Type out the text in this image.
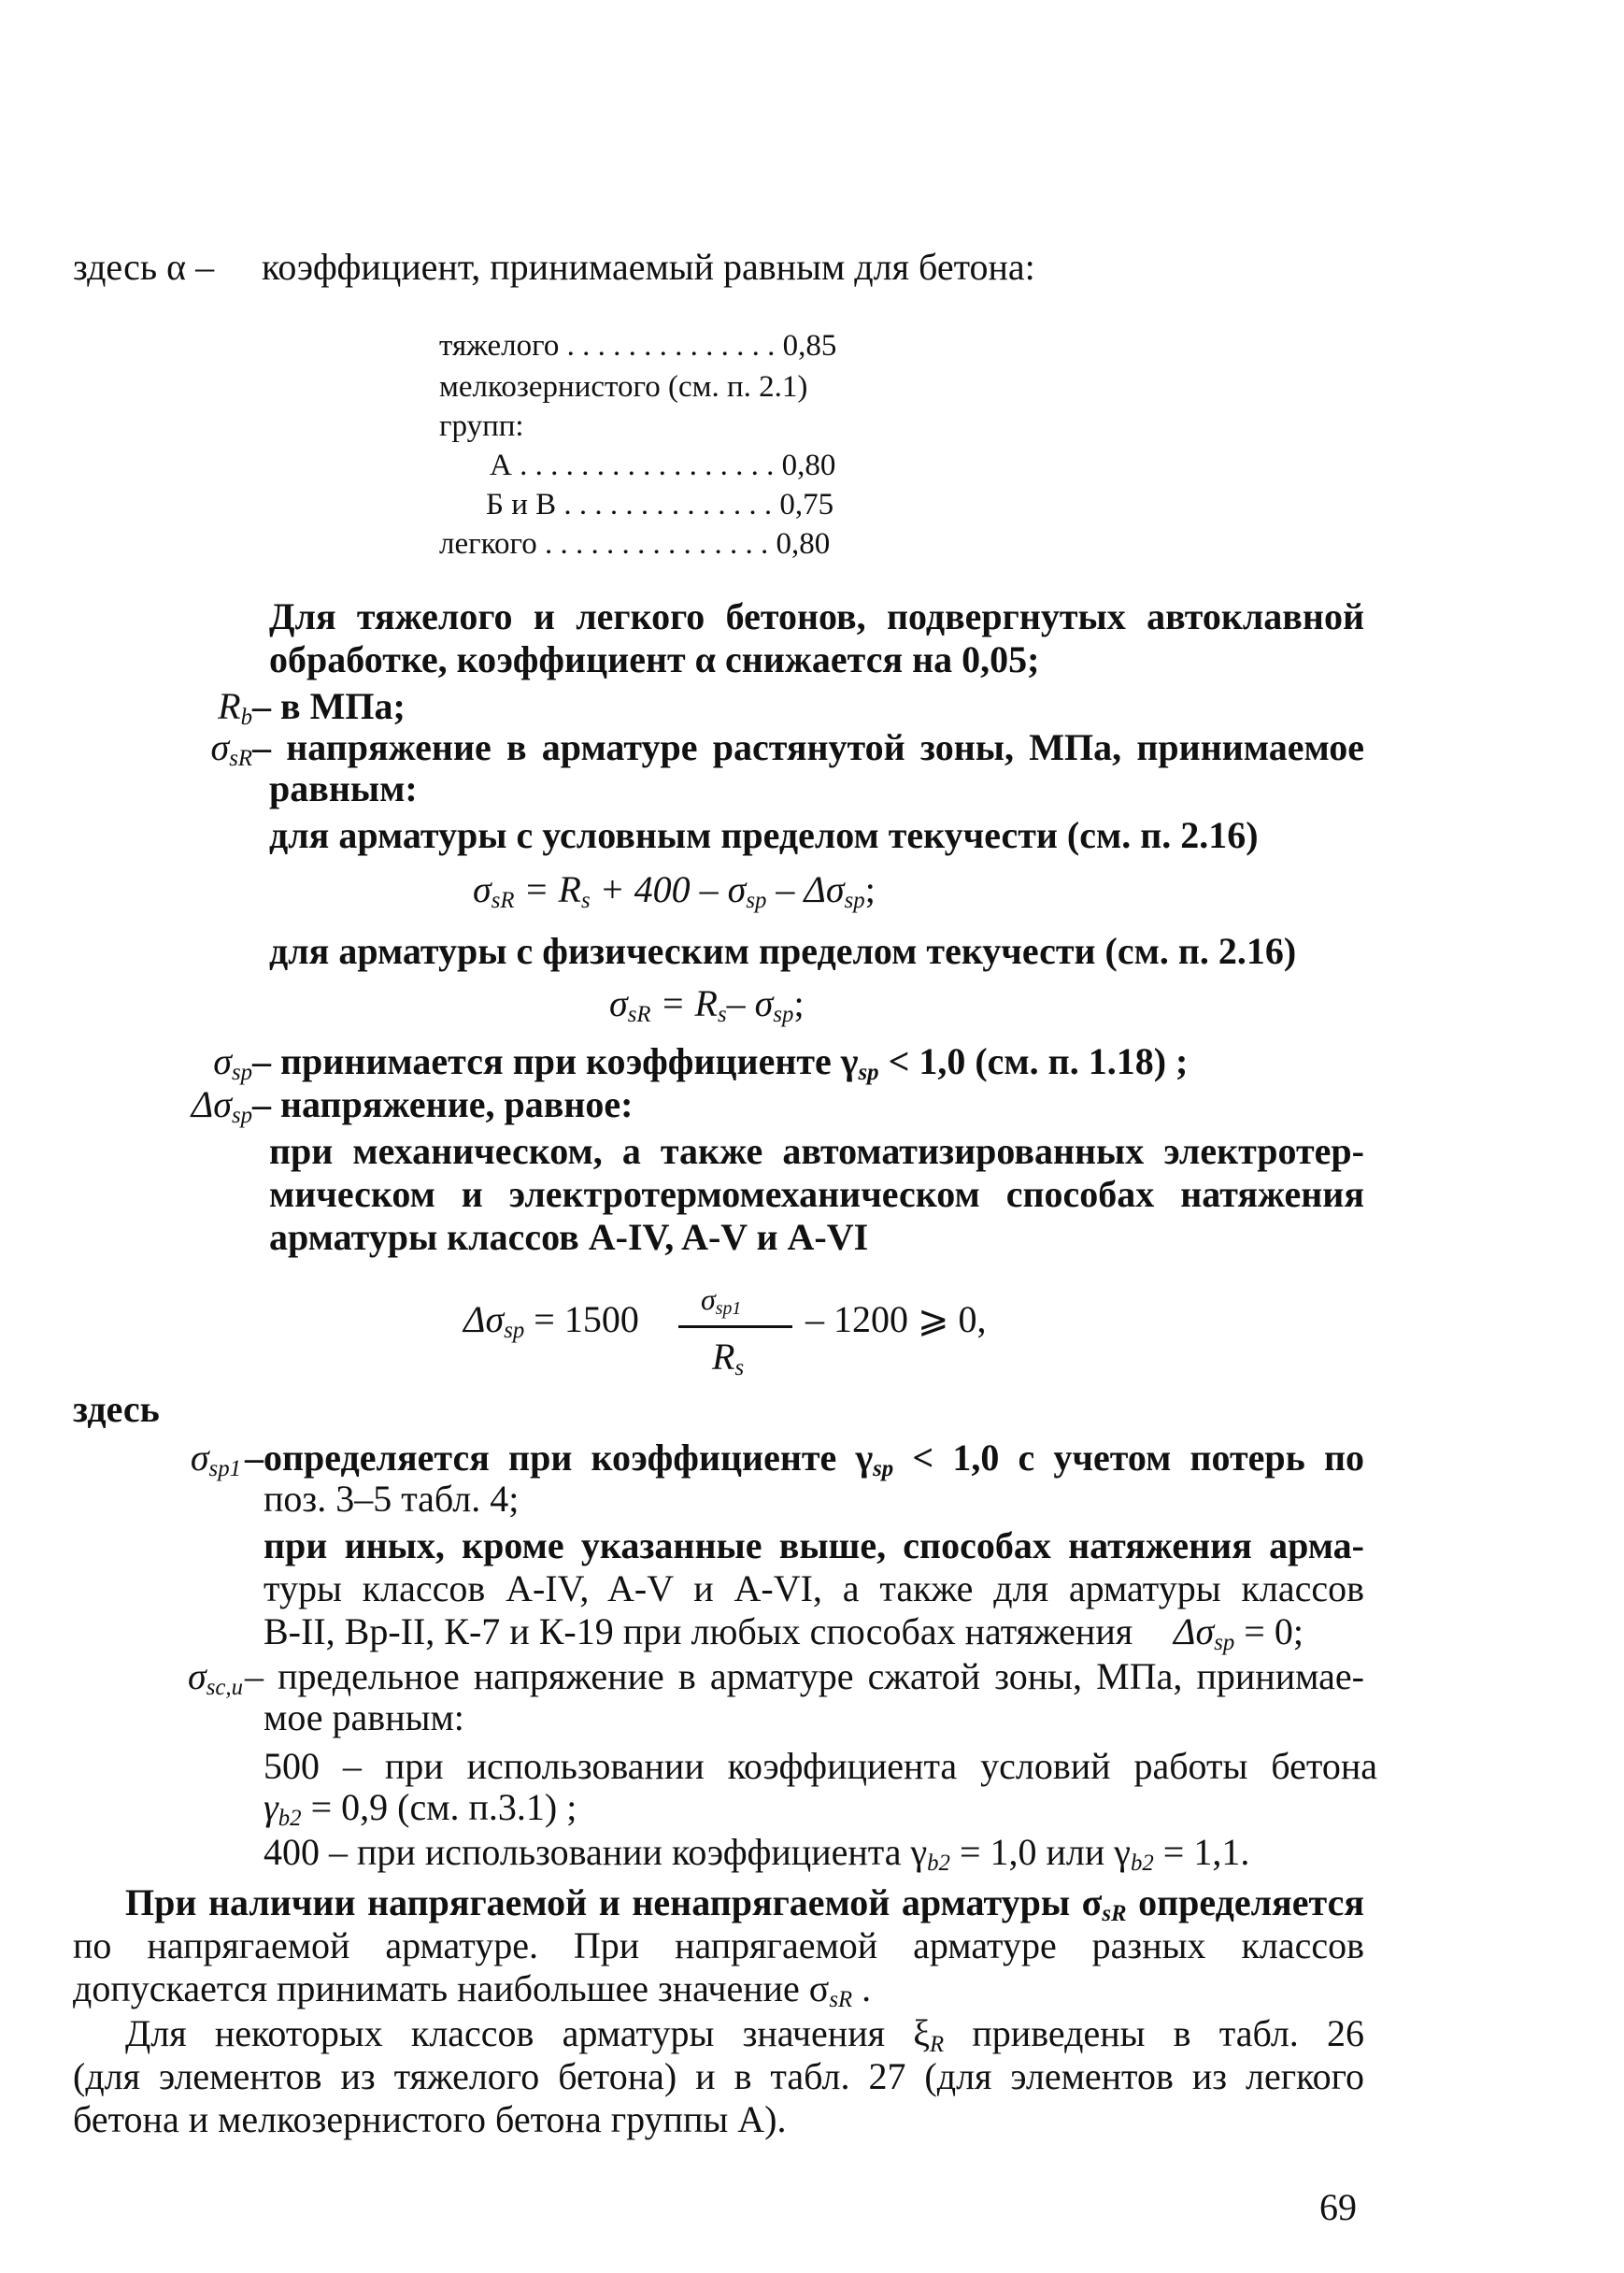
здесь α – коэффициент, принимаемый равным для бетона:
тяжелого . . . . . . . . . . . . . . 0,85
мелкозернистого (см. п. 2.1)
групп:
А . . . . . . . . . . . . . . . . . 0,80
Б и В . . . . . . . . . . . . . . 0,75
легкого . . . . . . . . . . . . . . . 0,80
Для тяжелого и легкого бетонов, подвергнутых автоклавной
обработке, коэффициент α снижается на 0,05;
$R_b$ – в МПа;
$\sigma_{sR}$ – напряжение в арматуре растянутой зоны, МПа, принимаемое
равным:
для арматуры с условным пределом текучести (см. п. 2.16)
$\sigma_{sR} = R_s + 400 - \sigma_{sp} - \Delta\sigma_{sp}$;
для арматуры с физическим пределом текучести (см. п. 2.16)
$\sigma_{sR} = R_s-$ $\sigma_{sp}$;
$\sigma_{sp}$ – принимается при коэффициенте $\gamma_{sp} < 1,0$ (см. п. 1.18) ;
$\Delta\sigma_{sp}$ – напряжение, равное:
при механическом, а также автоматизированных электротер-
мическом и электротермомеханическом способах натяжения
арматуры классов A-IV, A-V и A-VI
$\Delta\sigma_{sp} = 1500$ $\sigma_{sp1}$
$R_s$
– 1200 ⩾ 0,
здесь
$\sigma_{sp1}$ –определяется при коэффициенте $\gamma_{sp} < 1,0$ с учетом потерь по
поз. 3–5 табл. 4;
при иных, кроме указанные выше, способах натяжения арма-
туры классов A-IV, A-V и A-VI, а также для арматуры классов
В-II, Вр-II, К-7 и К-19 при любых способах натяжения $\Delta\sigma_{sp} = 0$;
$\sigma_{sc,u}$ – предельное напряжение в арматуре сжатой зоны, МПа, принимае-
мое равным:
500 – при использовании коэффициента условий работы бетона
$\gamma_{b2} = 0,9$ (см. п.3.1) ;
400 – при использовании коэффициента $\gamma_{b2} = 1,0$ или $\gamma_{b2} = 1,1$.
При наличии напрягаемой и ненапрягаемой арматуры $\sigma_{sR}$ определяется
по напрягаемой арматуре. При напрягаемой арматуре разных классов
допускается принимать наибольшее значение $\sigma_{sR}$ .
Для некоторых классов арматуры значения $\xi_R$ приведены в табл. 26
(для элементов из тяжелого бетона) и в табл. 27 (для элементов из легкого
бетона и мелкозернистого бетона группы А).
69
